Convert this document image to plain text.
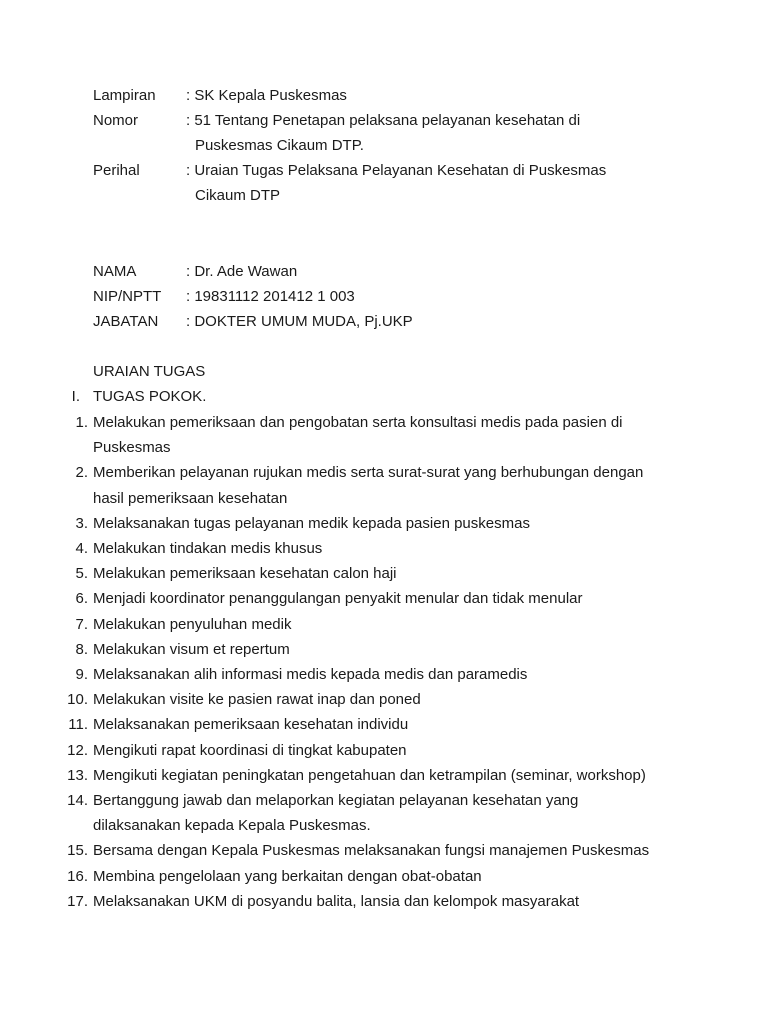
Lampiran : SK Kepala Puskesmas
Nomor	: 51 Tentang Penetapan pelaksana pelayanan kesehatan di
Puskesmas Cikaum DTP.
Perihal	: Uraian Tugas Pelaksana Pelayanan Kesehatan di Puskesmas
Cikaum DTP
NAMA	: Dr. Ade Wawan
NIP/NPTT : 19831112 201412 1 003
JABATAN : DOKTER UMUM MUDA, Pj.UKP
URAIAN TUGAS
I. TUGAS POKOK.
1. Melakukan pemeriksaan dan pengobatan serta konsultasi medis pada pasien di
Puskesmas
2. Memberikan pelayanan rujukan medis serta surat-surat yang berhubungan dengan
hasil pemeriksaan kesehatan
3. Melaksanakan tugas pelayanan medik kepada pasien puskesmas
4. Melakukan tindakan medis khusus
5. Melakukan pemeriksaan kesehatan calon haji
6. Menjadi koordinator penanggulangan penyakit menular dan tidak menular
7. Melakukan penyuluhan medik
8. Melakukan visum et repertum
9. Melaksanakan alih informasi medis kepada medis dan paramedis
10. Melakukan visite ke pasien rawat inap dan poned
11. Melaksanakan pemeriksaan kesehatan individu
12. Mengikuti rapat koordinasi di tingkat kabupaten
13. Mengikuti kegiatan peningkatan pengetahuan dan ketrampilan (seminar, workshop)
14. Bertanggung jawab dan melaporkan kegiatan pelayanan kesehatan yang
dilaksanakan kepada Kepala Puskesmas.
15. Bersama dengan Kepala Puskesmas melaksanakan fungsi manajemen Puskesmas
16. Membina pengelolaan yang berkaitan dengan obat-obatan
17. Melaksanakan UKM di posyandu balita, lansia dan kelompok masyarakat
